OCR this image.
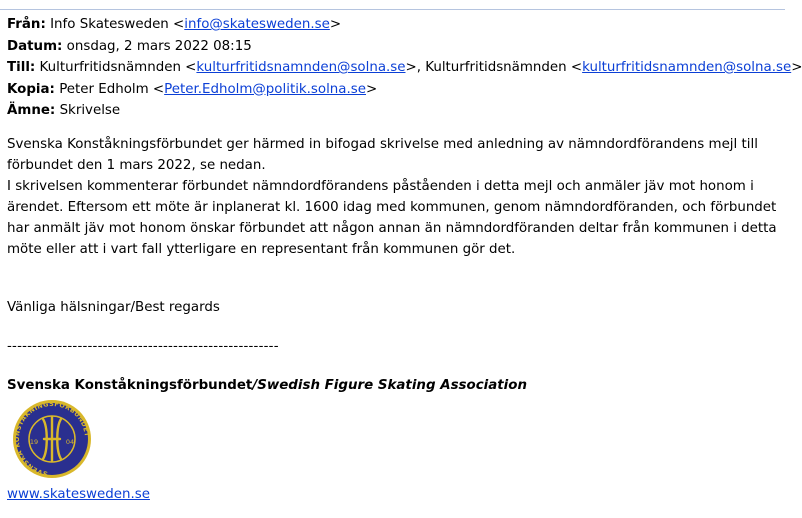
Från: Info Skatesweden <info@skatesweden.se>
Datum: onsdag, 2 mars 2022 08:15
Till: Kulturfritidsnämnden <kulturfritidsnamnden@solna.se>, Kulturfritidsnämnden <kulturfritidsnamnden@solna.se>
Kopia: Peter Edholm <Peter.Edholm@politik.solna.se>
Ämne: Skrivelse

Svenska Konståkningsförbundet ger härmed in bifogad skrivelse med anledning av nämndordförandens mejl till förbundet den 1 mars 2022, se nedan.

I skrivelsen kommenterar förbundet nämndordförandens påståenden i detta mejl och anmäler jäv mot honom i ärendet. Eftersom ett möte är inplanerat kl. 1600 idag med kommunen, genom nämndordföranden, och förbundet har anmält jäv mot honom önskar förbundet att någon annan än nämndordföranden deltar från kommunen i detta möte eller att i vart fall ytterligare en representant från kommunen gör det.

Vänliga hälsningar/Best regards
------------------------------------------------------
Svenska Konståkningsförbundet/Swedish Figure Skating Association
SVENSKA KONSTÅKNINGSFÖRBUNDET
19	04
www.skatesweden.se
